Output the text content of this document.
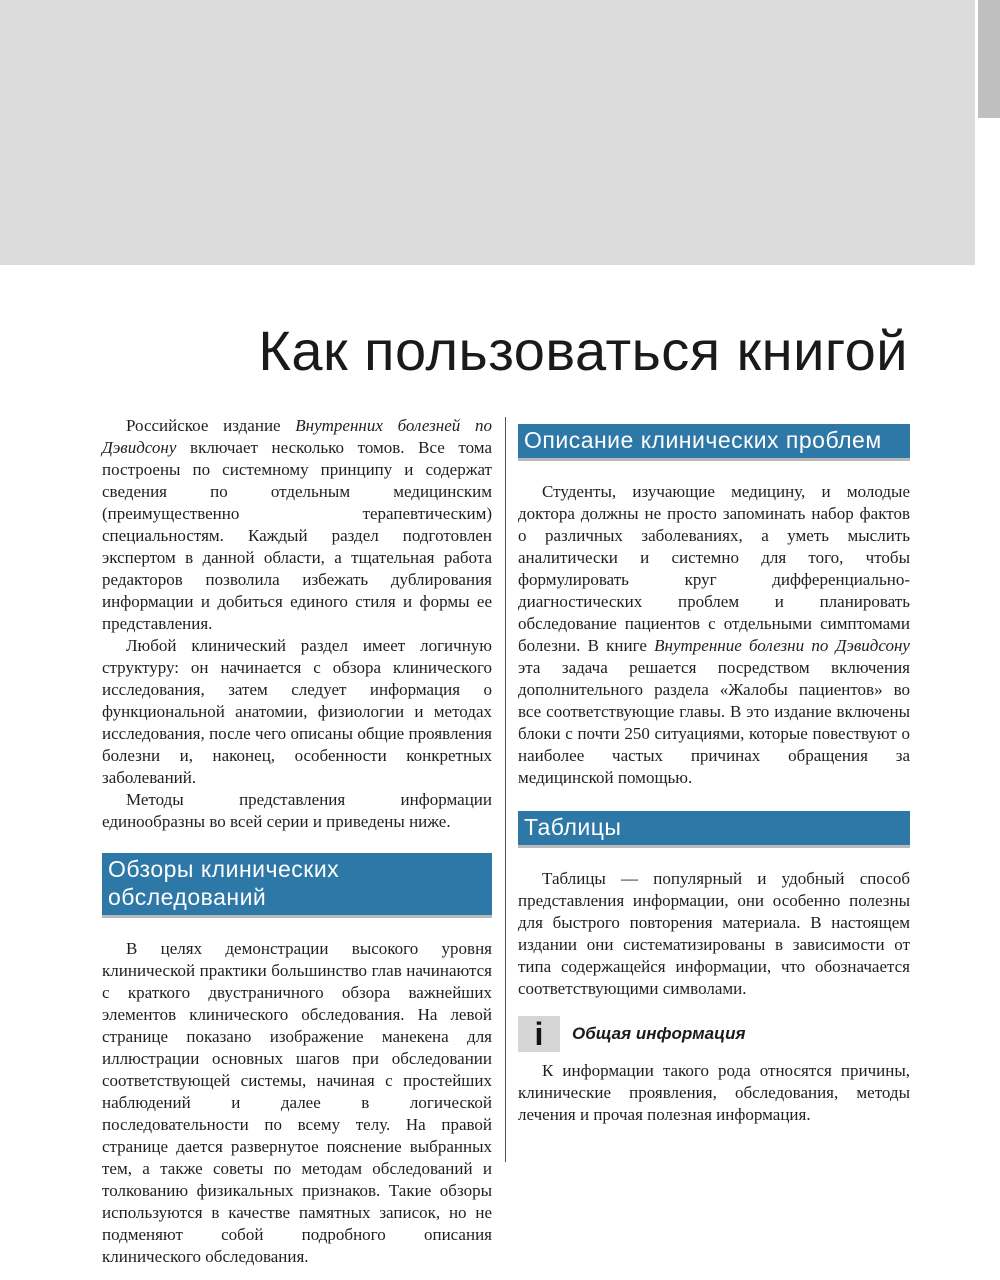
Как пользоваться книгой

Российское издание Внутренних болезней по Дэвидсону включает несколько томов. Все тома построены по системному принципу и содержат сведения по отдельным медицинским (преимущественно терапевтическим) специальностям. Каждый раздел подготовлен экспертом в данной области, а тщательная работа редакторов позволила избежать дублирования информации и добиться единого стиля и формы ее представления.

Любой клинический раздел имеет логичную структуру: он начинается с обзора клинического исследования, затем следует информация о функциональной анатомии, физиологии и методах исследования, после чего описаны общие проявления болезни и, наконец, особенности конкретных заболеваний.

Методы представления информации единообразны во всей серии и приведены ниже.

Обзоры клинических обследований

В целях демонстрации высокого уровня клинической практики большинство глав начинаются с краткого двустраничного обзора важнейших элементов клинического обследования. На левой странице показано изображение манекена для иллюстрации основных шагов при обследовании соответствующей системы, начиная с простейших наблюдений и далее в логической последовательности по всему телу. На правой странице дается развернутое пояснение выбранных тем, а также советы по методам обследований и толкованию физикальных признаков. Такие обзоры используются в качестве памятных записок, но не подменяют собой подробного описания клинического обследования.

Описание клинических проблем

Студенты, изучающие медицину, и молодые доктора должны не просто запоминать набор фактов о различных заболеваниях, а уметь мыслить аналитически и системно для того, чтобы формулировать круг дифференциально-диагностических проблем и планировать обследование пациентов с отдельными симптомами болезни. В книге Внутренние болезни по Дэвидсону эта задача решается посредством включения дополнительного раздела «Жалобы пациентов» во все соответствующие главы. В это издание включены блоки с почти 250 ситуациями, которые повествуют о наиболее частых причинах обращения за медицинской помощью.

Таблицы

Таблицы — популярный и удобный способ представления информации, они особенно полезны для быстрого повторения материала. В настоящем издании они систематизированы в зависимости от типа содержащейся информации, что обозначается соответствующими символами.

i	Общая информация

К информации такого рода относятся причины, клинические проявления, обследования, методы лечения и прочая полезная информация.
